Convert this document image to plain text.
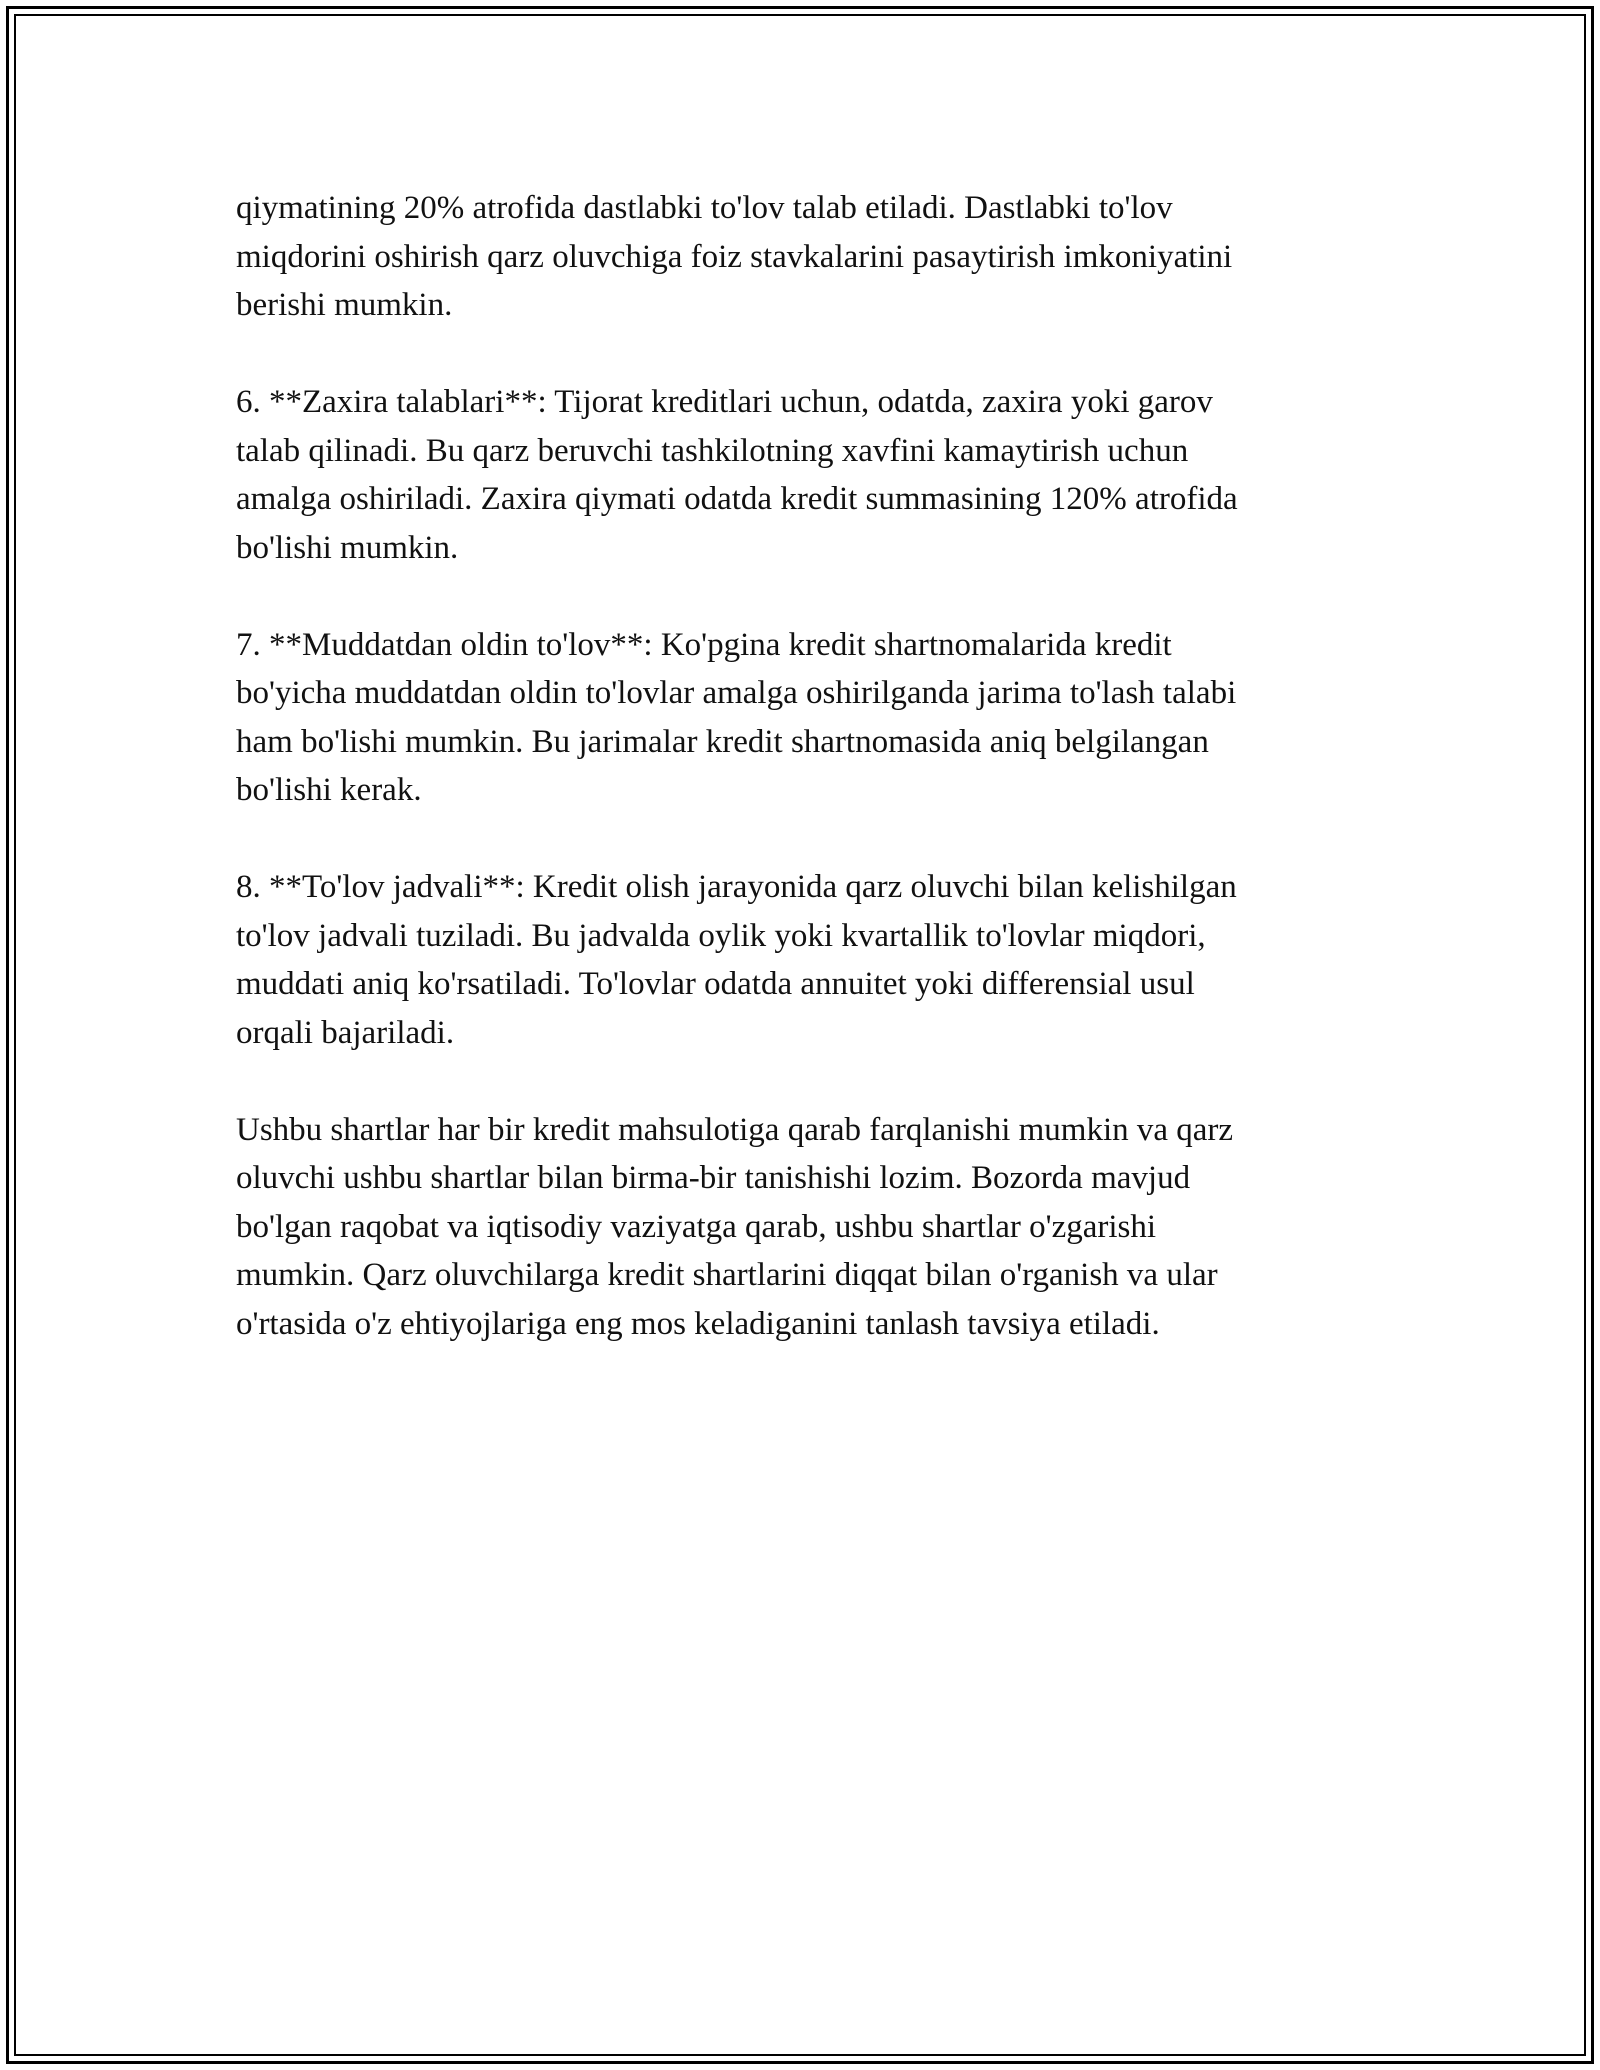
qiymatining 20% atrofida dastlabki to'lov talab etiladi. Dastlabki to'lov
miqdorini oshirish qarz oluvchiga foiz stavkalarini pasaytirish imkoniyatini
berishi mumkin.

6. **Zaxira talablari**: Tijorat kreditlari uchun, odatda, zaxira yoki garov
talab qilinadi. Bu qarz beruvchi tashkilotning xavfini kamaytirish uchun
amalga oshiriladi. Zaxira qiymati odatda kredit summasining 120% atrofida
bo'lishi mumkin.

7. **Muddatdan oldin to'lov**: Ko'pgina kredit shartnomalarida kredit
bo'yicha muddatdan oldin to'lovlar amalga oshirilganda jarima to'lash talabi
ham bo'lishi mumkin. Bu jarimalar kredit shartnomasida aniq belgilangan
bo'lishi kerak.

8. **To'lov jadvali**: Kredit olish jarayonida qarz oluvchi bilan kelishilgan
to'lov jadvali tuziladi. Bu jadvalda oylik yoki kvartallik to'lovlar miqdori,
muddati aniq ko'rsatiladi. To'lovlar odatda annuitet yoki differensial usul
orqali bajariladi.

Ushbu shartlar har bir kredit mahsulotiga qarab farqlanishi mumkin va qarz
oluvchi ushbu shartlar bilan birma-bir tanishishi lozim. Bozorda mavjud
bo'lgan raqobat va iqtisodiy vaziyatga qarab, ushbu shartlar o'zgarishi
mumkin. Qarz oluvchilarga kredit shartlarini diqqat bilan o'rganish va ular
o'rtasida o'z ehtiyojlariga eng mos keladiganini tanlash tavsiya etiladi.
